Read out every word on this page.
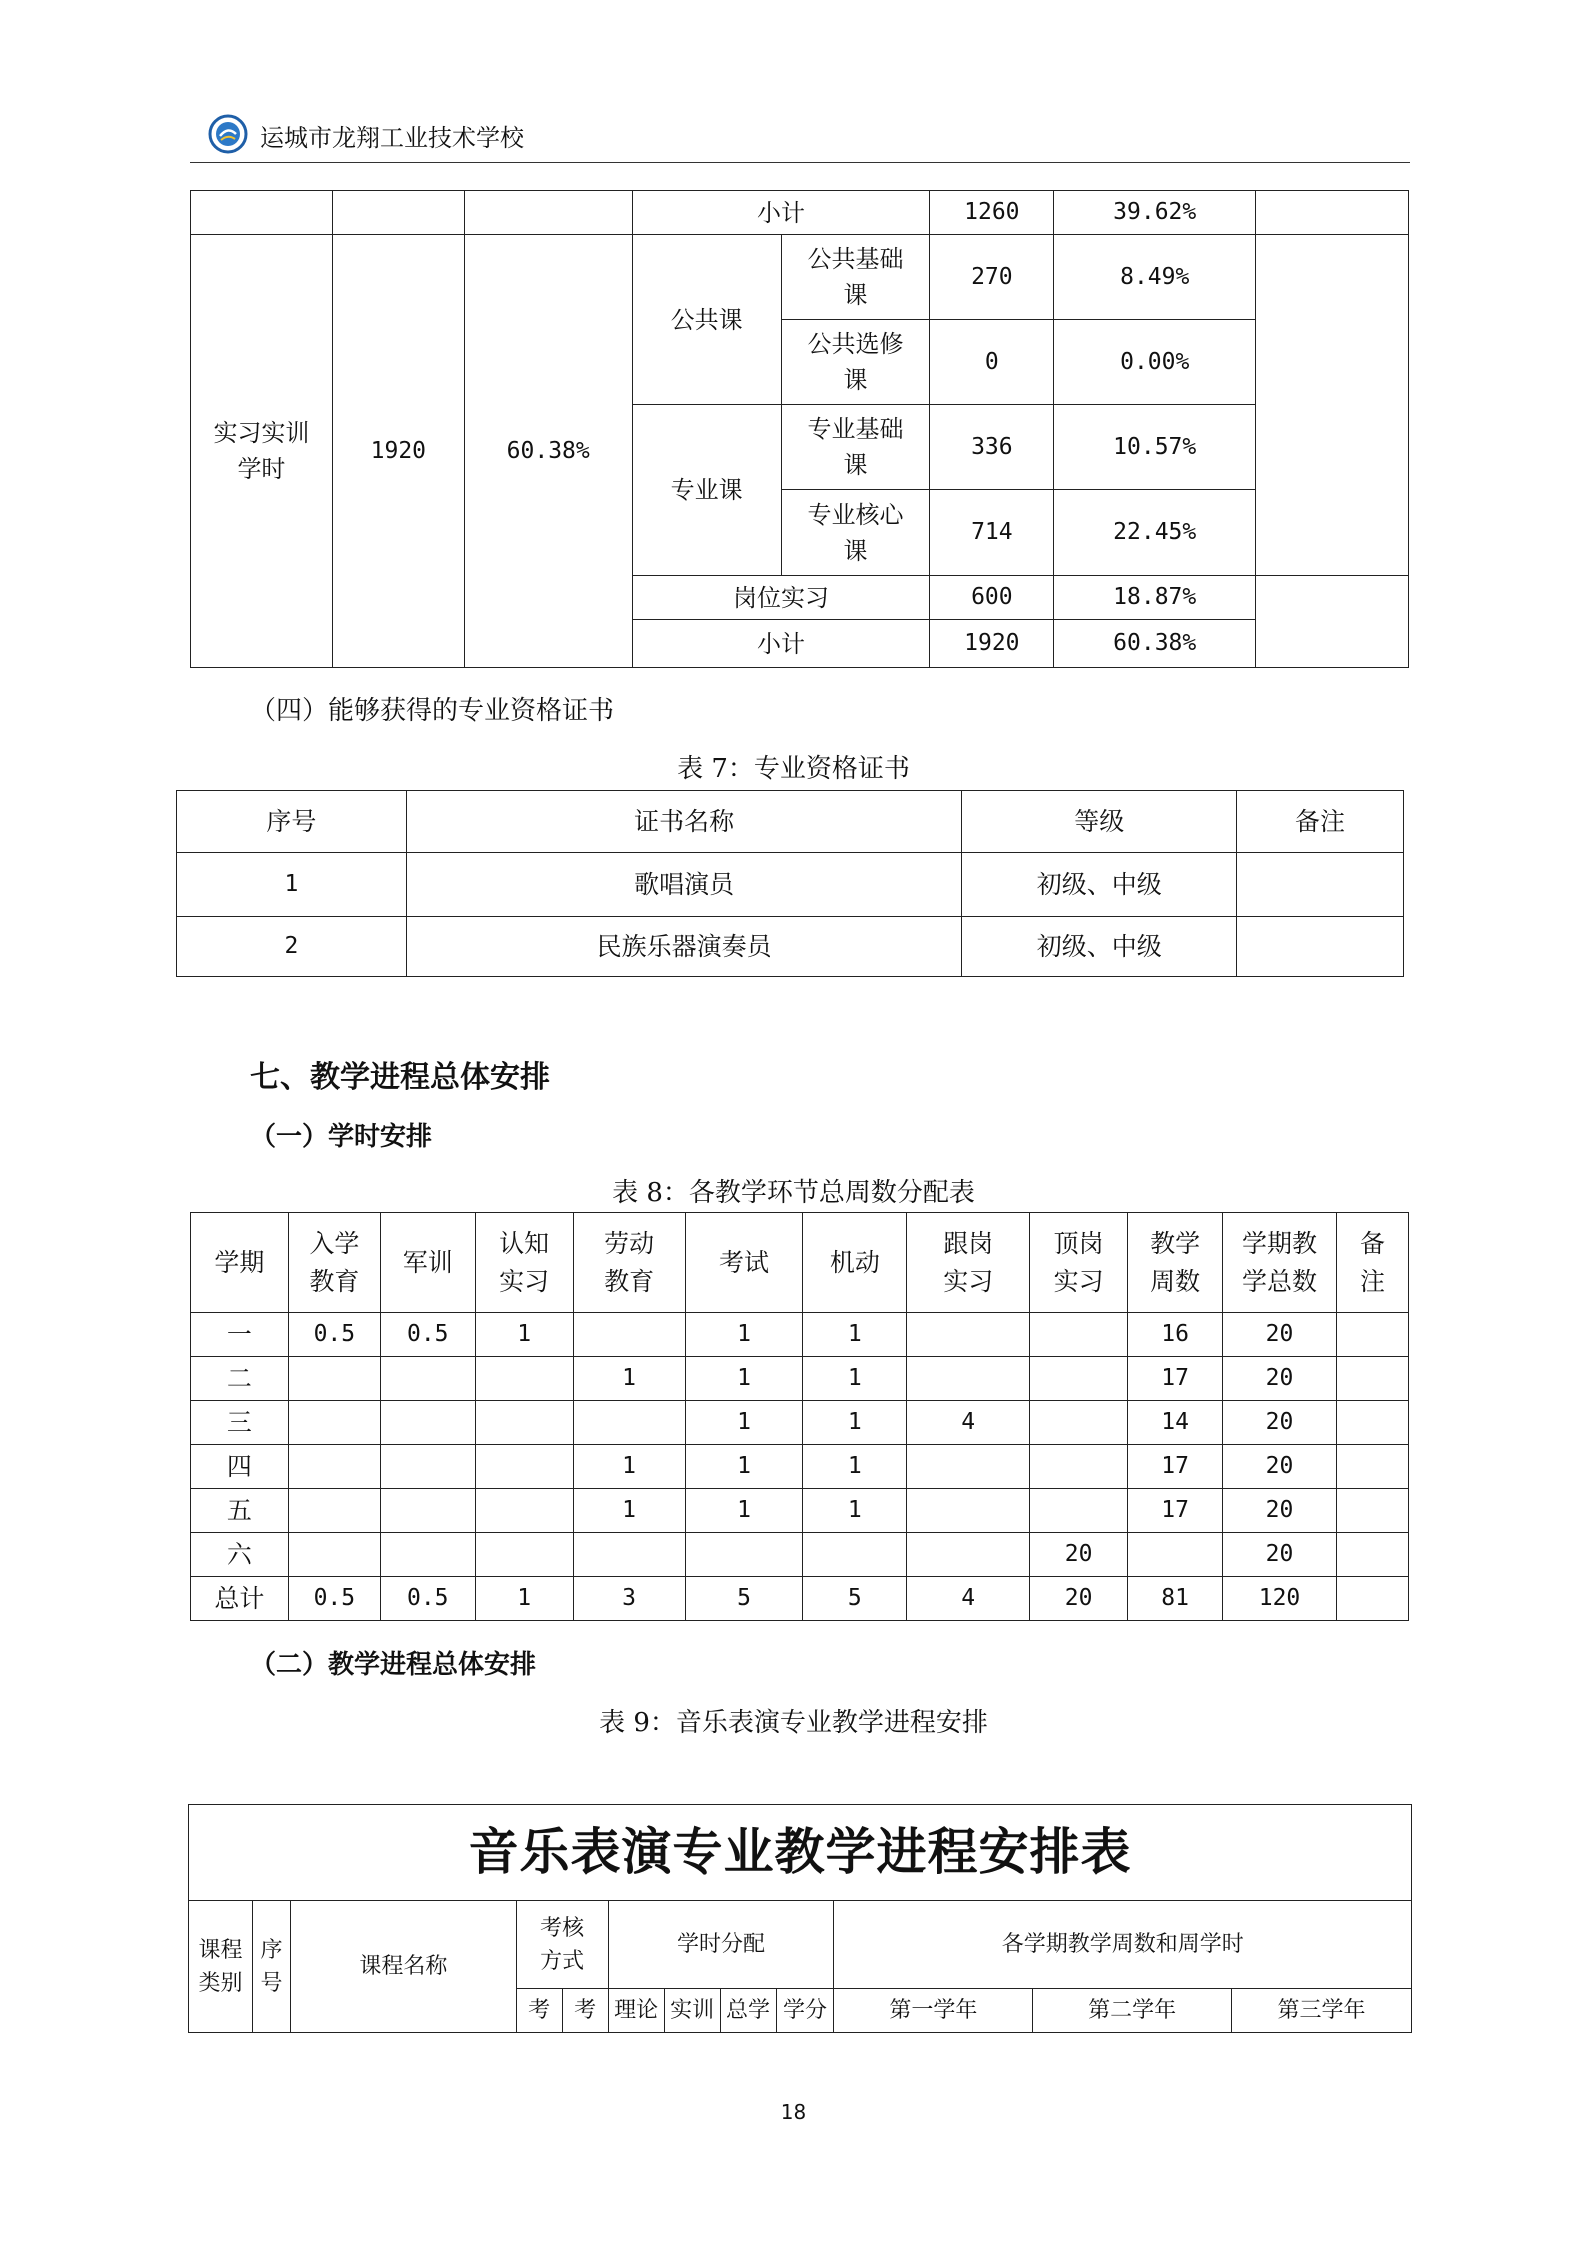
运城市龙翔工业技术学校
			小计		1260	39.62%	
实习实训学时	1920	60.38%	公共课	公共基础课	270	8.49%	
				公共选修课	0	0.00%	
			专业课	专业基础课	336	10.57%	
				专业核心课	714	22.45%	
			岗位实习		600	18.87%	
			小计		1920	60.38%	
（四）能够获得的专业资格证书
表 7：专业资格证书
序号	证书名称	等级	备注
1	歌唱演员	初级、中级	
2	民族乐器演奏员	初级、中级	
七、教学进程总体安排
（一）学时安排
表 8：各教学环节总周数分配表
学期	入学教育	军训	认知实习	劳动教育	考试	机动	跟岗实习	顶岗实习	教学周数	学期教学总数	备注
一	0.5	0.5	1		1	1			16	20	
二				1	1	1			17	20	
三					1	1	4		14	20	
四				1	1	1			17	20	
五				1	1	1			17	20	
六								20		20	
总计	0.5	0.5	1	3	5	5	4	20	81	120	
（二）教学进程总体安排
表 9：音乐表演专业教学进程安排
音乐表演专业教学进程安排表											
课程类别	序号	课程名称	考核方式		学时分配				各学期教学周数和周学时		
			考	考	理论	实训	总学	学分	第一学年	第二学年	第三学年
18
